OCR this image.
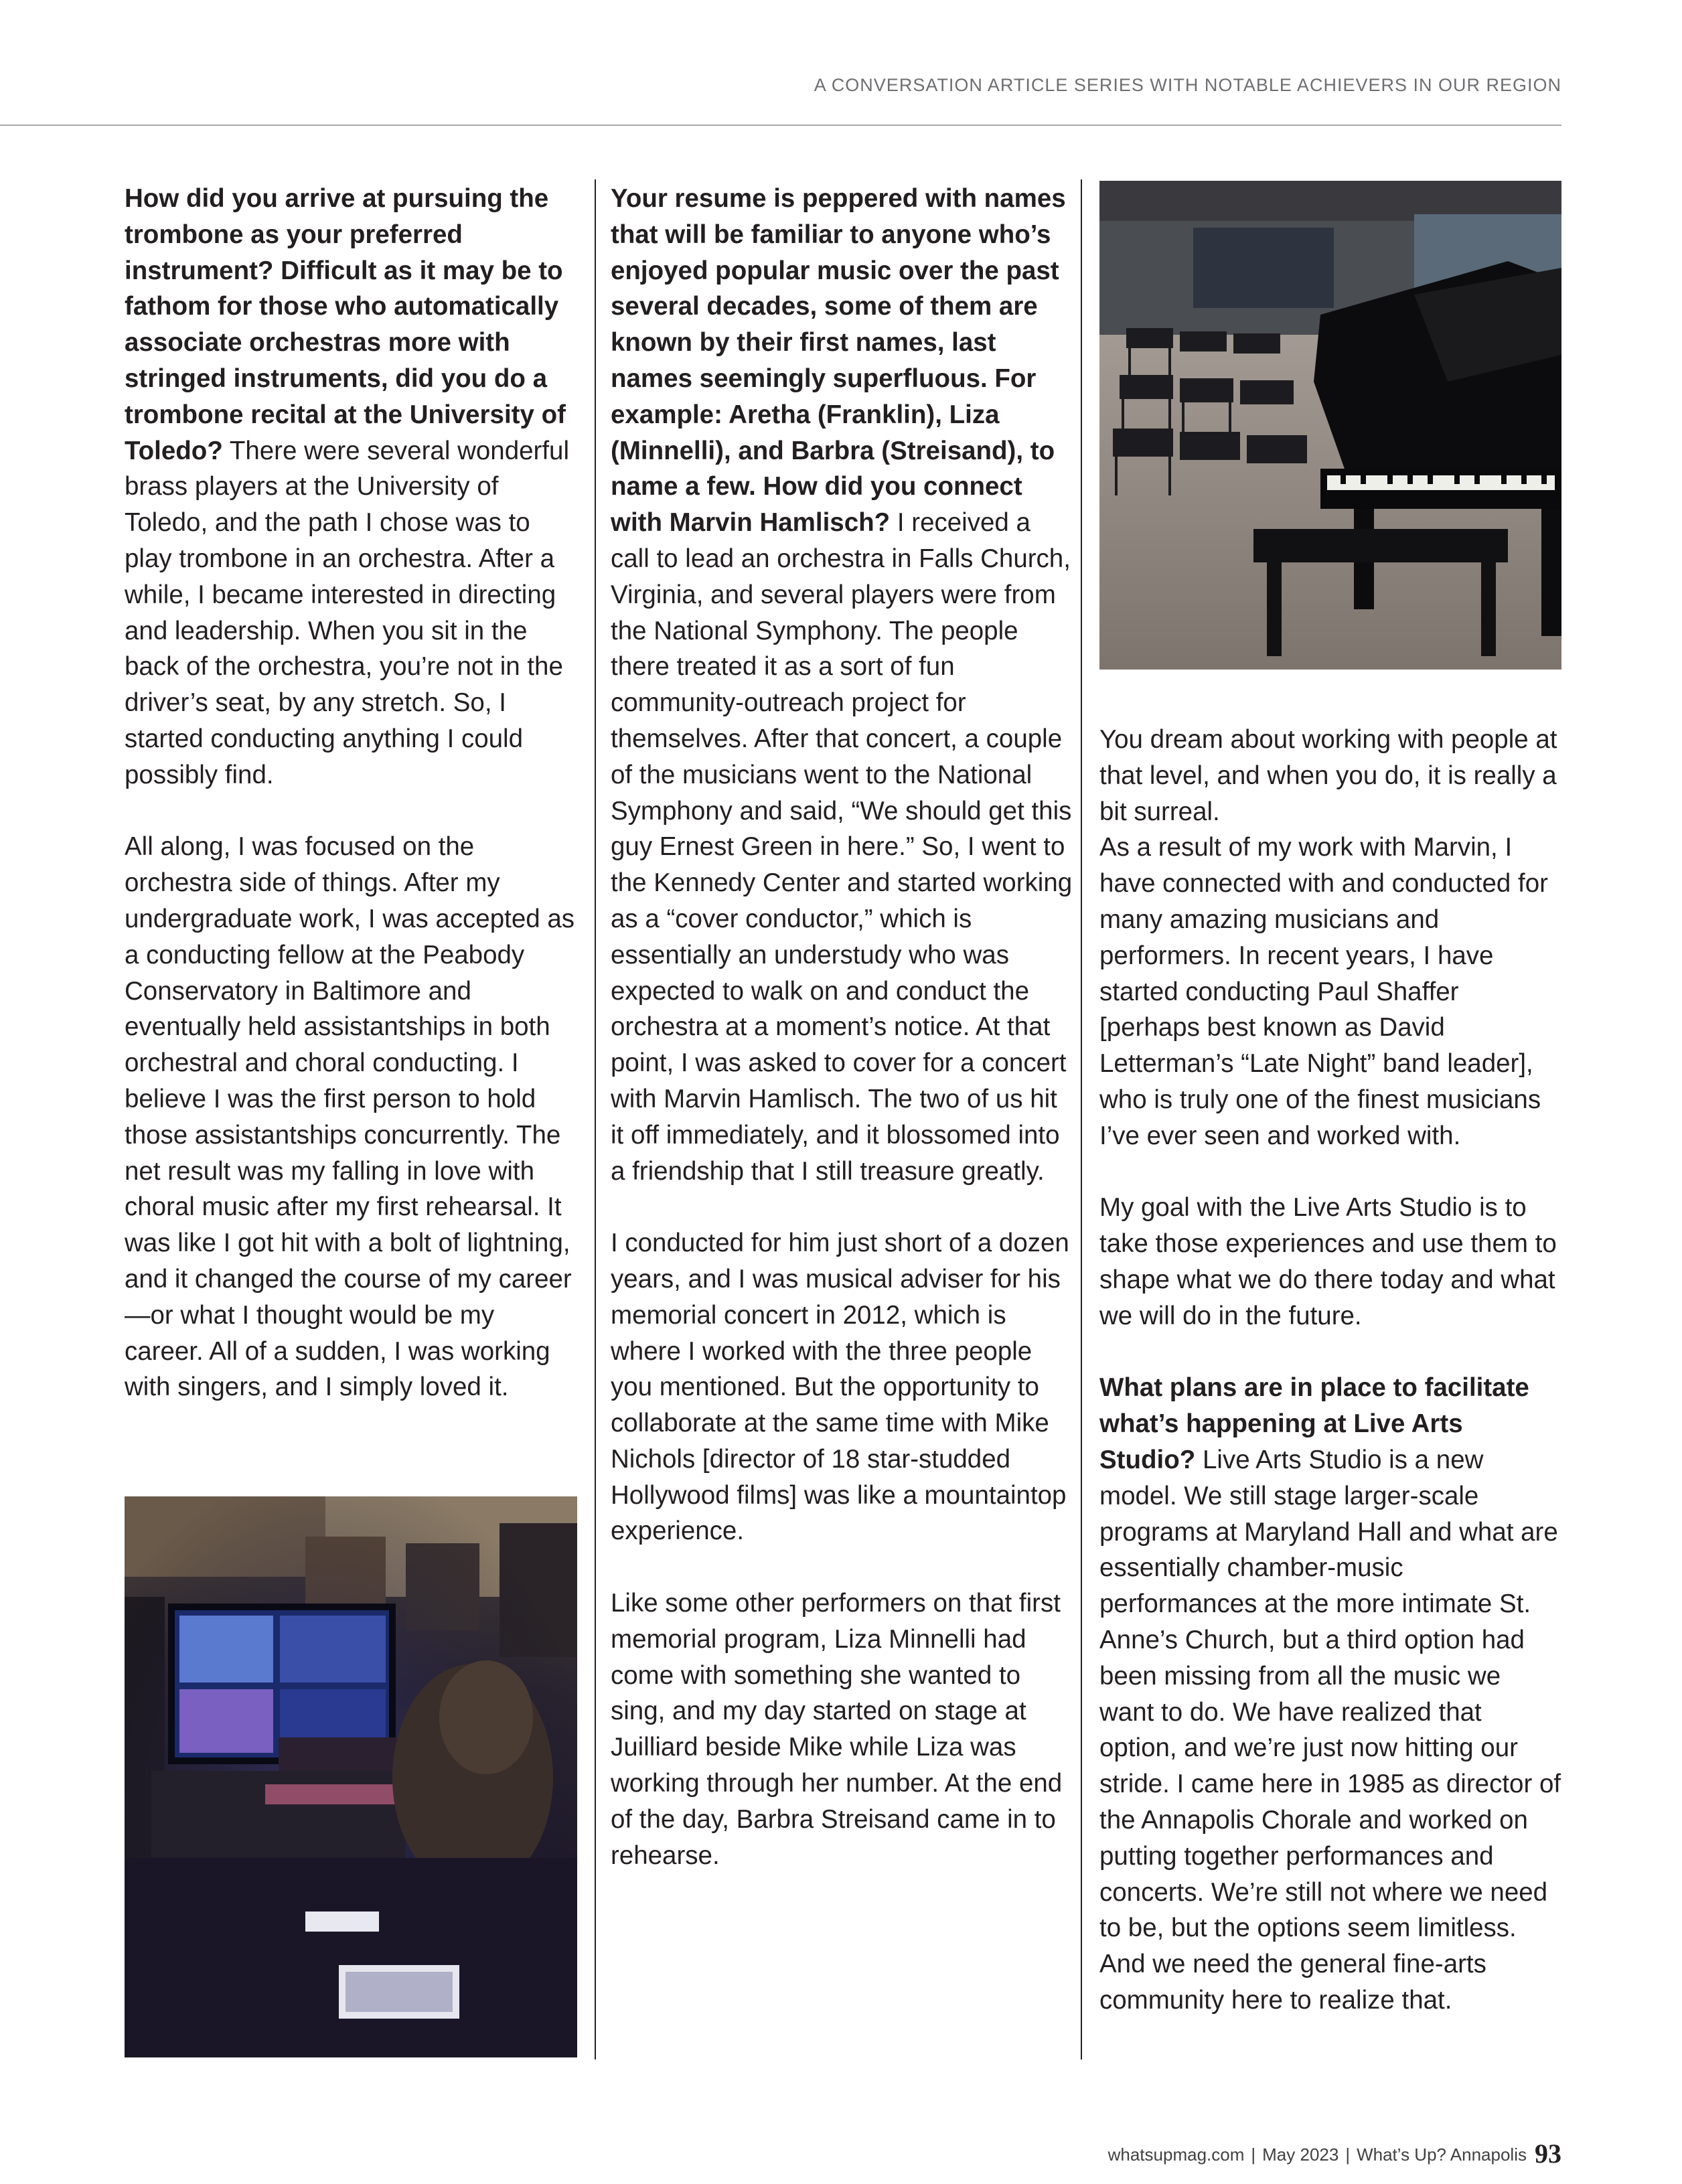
A CONVERSATION ARTICLE SERIES WITH NOTABLE ACHIEVERS IN OUR REGION

How did you arrive at pursuing the trombone as your preferred instrument? Difficult as it may be to fathom for those who automatically associate orchestras more with stringed instruments, did you do a trombone recital at the University of Toledo? There were several wonderful brass players at the University of Toledo, and the path I chose was to play trombone in an orchestra. After a while, I became interested in directing and leadership. When you sit in the back of the orchestra, you’re not in the driver’s seat, by any stretch. So, I started conducting anything I could possibly find.

All along, I was focused on the orchestra side of things. After my undergraduate work, I was accepted as a conducting fellow at the Peabody Conservatory in Baltimore and eventually held assistantships in both orchestral and choral conducting. I believe I was the first person to hold those assistantships concurrently. The net result was my falling in love with choral music after my first rehearsal. It was like I got hit with a bolt of lightning, and it changed the course of my career—or what I thought would be my career. All of a sudden, I was working with singers, and I simply loved it.

Your resume is peppered with names that will be familiar to anyone who’s enjoyed popular music over the past several decades, some of them are known by their first names, last names seemingly superfluous. For example: Aretha (Franklin), Liza (Minnelli), and Barbra (Streisand), to name a few. How did you connect with Marvin Hamlisch? I received a call to lead an orchestra in Falls Church, Virginia, and several players were from the National Symphony. The people there treated it as a sort of fun community-outreach project for themselves. After that concert, a couple of the musicians went to the National Symphony and said, “We should get this guy Ernest Green in here.” So, I went to the Kennedy Center and started working as a “cover conductor,” which is essentially an understudy who was expected to walk on and conduct the orchestra at a moment’s notice. At that point, I was asked to cover for a concert with Marvin Hamlisch. The two of us hit it off immediately, and it blossomed into a friendship that I still treasure greatly.

I conducted for him just short of a dozen years, and I was musical adviser for his memorial concert in 2012, which is where I worked with the three people you mentioned. But the opportunity to collaborate at the same time with Mike Nichols [director of 18 star-studded Hollywood films] was like a mountaintop experience.

Like some other performers on that first memorial program, Liza Minnelli had come with something she wanted to sing, and my day started on stage at Juilliard beside Mike while Liza was working through her number. At the end of the day, Barbra Streisand came in to rehearse.

You dream about working with people at that level, and when you do, it is really a bit surreal.

As a result of my work with Marvin, I have connected with and conducted for many amazing musicians and performers. In recent years, I have started conducting Paul Shaffer [perhaps best known as David Letterman’s “Late Night” band leader], who is truly one of the finest musicians I’ve ever seen and worked with.

My goal with the Live Arts Studio is to take those experiences and use them to shape what we do there today and what we will do in the future.

What plans are in place to facilitate what’s happening at Live Arts Studio? Live Arts Studio is a new model. We still stage larger-scale programs at Maryland Hall and what are essentially chamber-music performances at the more intimate St. Anne’s Church, but a third option had been missing from all the music we want to do. We have realized that option, and we’re just now hitting our stride. I came here in 1985 as director of the Annapolis Chorale and worked on putting together performances and concerts. We’re still not where we need to be, but the options seem limitless. And we need the general fine-arts community here to realize that.

whatsupmag.com | May 2023 | What’s Up? Annapolis 93
